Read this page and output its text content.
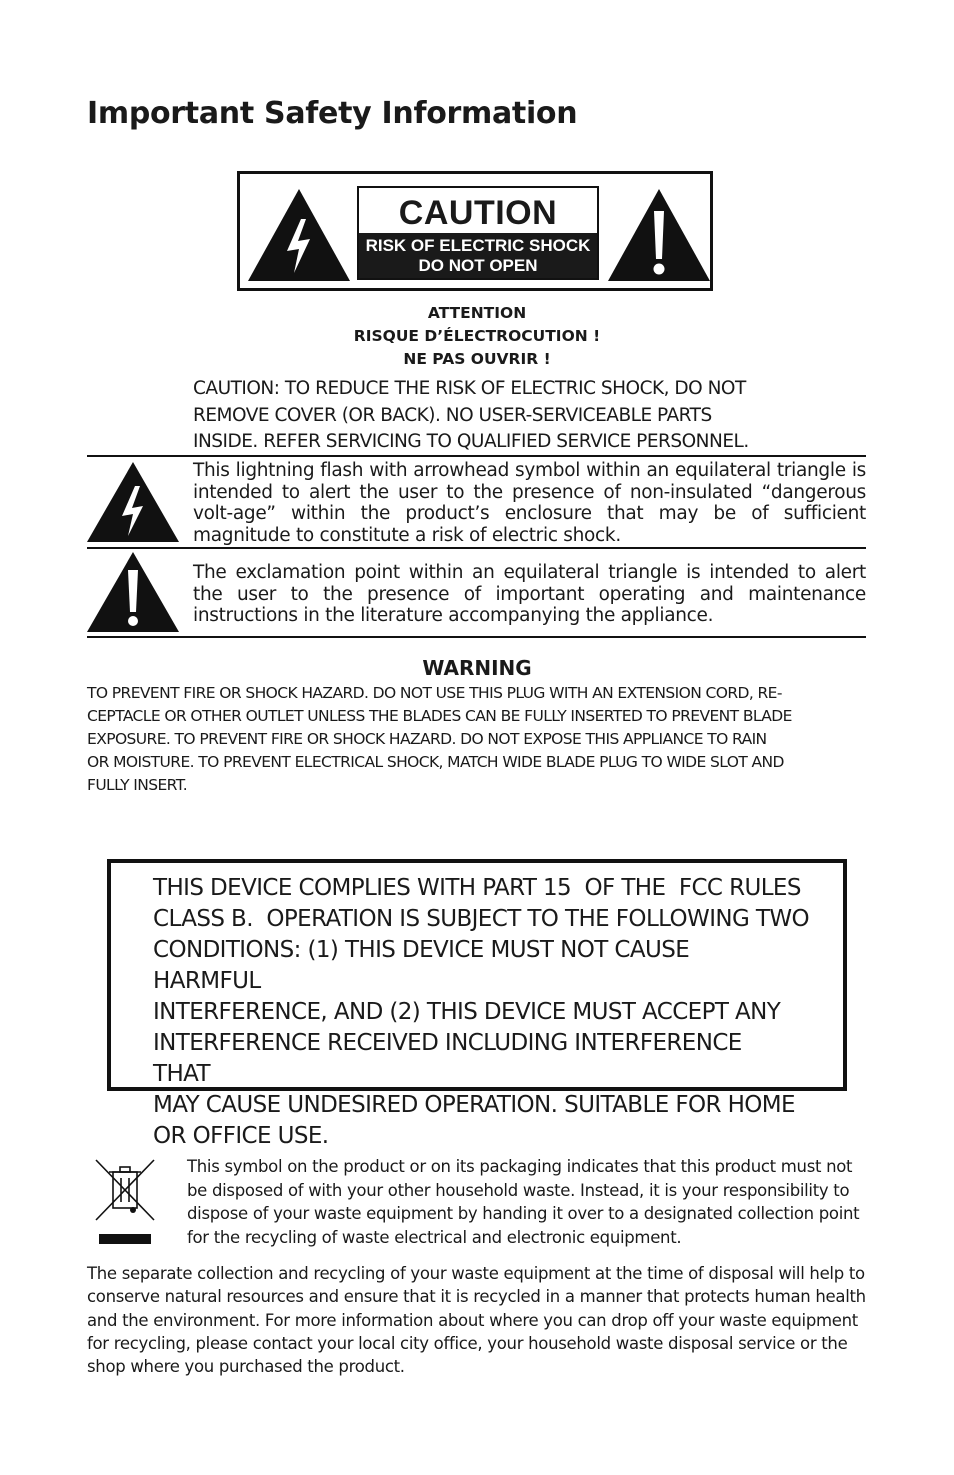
Important Safety Information
CAUTION
RISK OF ELECTRIC SHOCK
DO NOT OPEN
ATTENTION
RISQUE D’ÉLECTROCUTION !
NE PAS OUVRIR !
CAUTION: TO REDUCE THE RISK OF ELECTRIC SHOCK, DO NOT
REMOVE COVER (OR BACK). NO USER-SERVICEABLE PARTS
INSIDE. REFER SERVICING TO QUALIFIED SERVICE PERSONNEL.
This lightning flash with arrowhead symbol within an equilateral triangle is intended to alert the user to the presence of non-insulated “dangerous volt-age” within the product’s enclosure that may be of sufficient magnitude to constitute a risk of electric shock.
The exclamation point within an equilateral triangle is intended to alert the user to the presence of important operating and maintenance instructions in the literature accompanying the appliance.
WARNING
TO PREVENT FIRE OR SHOCK HAZARD. DO NOT USE THIS PLUG WITH AN EXTENSION CORD, RE-
CEPTACLE OR OTHER OUTLET UNLESS THE BLADES CAN BE FULLY INSERTED TO PREVENT BLADE
EXPOSURE. TO PREVENT FIRE OR SHOCK HAZARD. DO NOT EXPOSE THIS APPLIANCE TO RAIN
OR MOISTURE. TO PREVENT ELECTRICAL SHOCK, MATCH WIDE BLADE PLUG TO WIDE SLOT AND
FULLY INSERT.
THIS DEVICE COMPLIES WITH PART 15  OF THE  FCC RULES
CLASS B.  OPERATION IS SUBJECT TO THE FOLLOWING TWO
CONDITIONS: (1) THIS DEVICE MUST NOT CAUSE HARMFUL
INTERFERENCE, AND (2) THIS DEVICE MUST ACCEPT ANY
INTERFERENCE RECEIVED INCLUDING INTERFERENCE THAT
MAY CAUSE UNDESIRED OPERATION. SUITABLE FOR HOME
OR OFFICE USE.
This symbol on the product or on its packaging indicates that this product must not
be disposed of with your other household waste. Instead, it is your responsibility to
dispose of your waste equipment by handing it over to a designated collection point
for the recycling of waste electrical and electronic equipment.
The separate collection and recycling of your waste equipment at the time of disposal will help to
conserve natural resources and ensure that it is recycled in a manner that protects human health
and the environment. For more information about where you can drop off your waste equipment
for recycling, please contact your local city office, your household waste disposal service or the
shop where you purchased the product.
